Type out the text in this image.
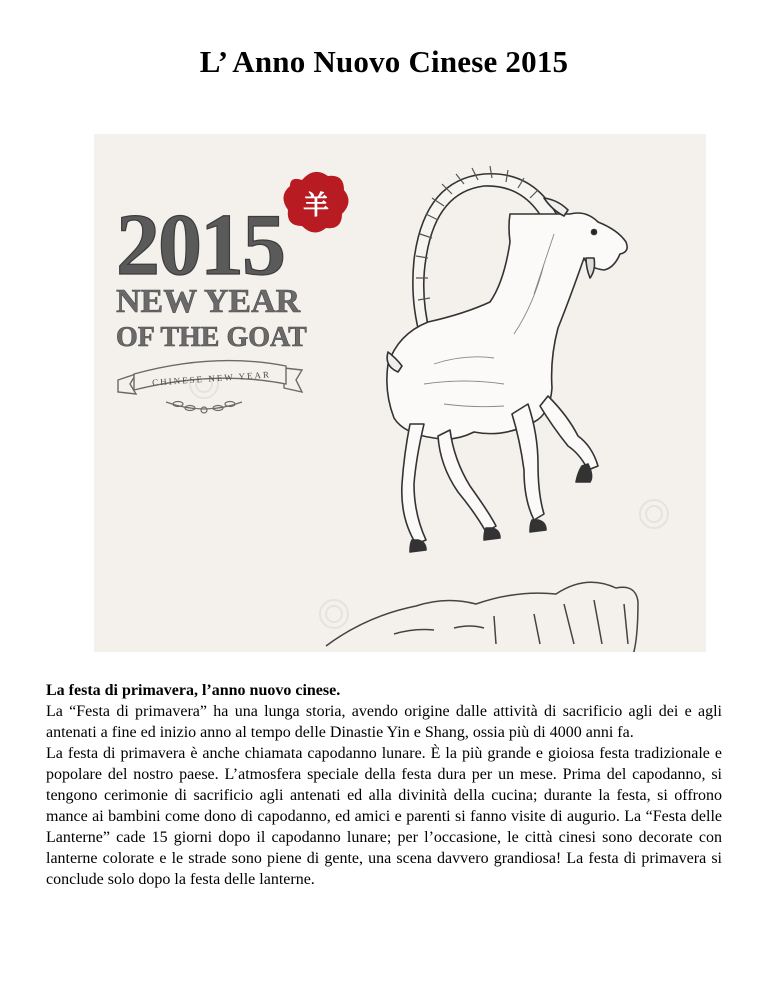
L’ Anno Nuovo Cinese 2015
2015 羊
NEW YEAR
OF THE GOAT
CHINESE NEW YEAR

La festa di primavera, l’anno nuovo cinese.

La “Festa di primavera” ha una lunga storia, avendo origine dalle attività di sacrificio agli dei e agli antenati a fine ed inizio anno al tempo delle Dinastie Yin e Shang, ossia più di 4000 anni fa.

La festa di primavera è anche chiamata capodanno lunare. È la più grande e gioiosa festa tradizionale e popolare del nostro paese. L’atmosfera speciale della festa dura per un mese. Prima del capodanno, si tengono cerimonie di sacrificio agli antenati ed alla divinità della cucina; durante la festa, si offrono mance ai bambini come dono di capodanno, ed amici e parenti si fanno visite di augurio. La “Festa delle Lanterne” cade 15 giorni dopo il capodanno lunare; per l’occasione, le città cinesi sono decorate con lanterne colorate e le strade sono piene di gente, una scena davvero grandiosa! La festa di primavera si conclude solo dopo la festa delle lanterne.
